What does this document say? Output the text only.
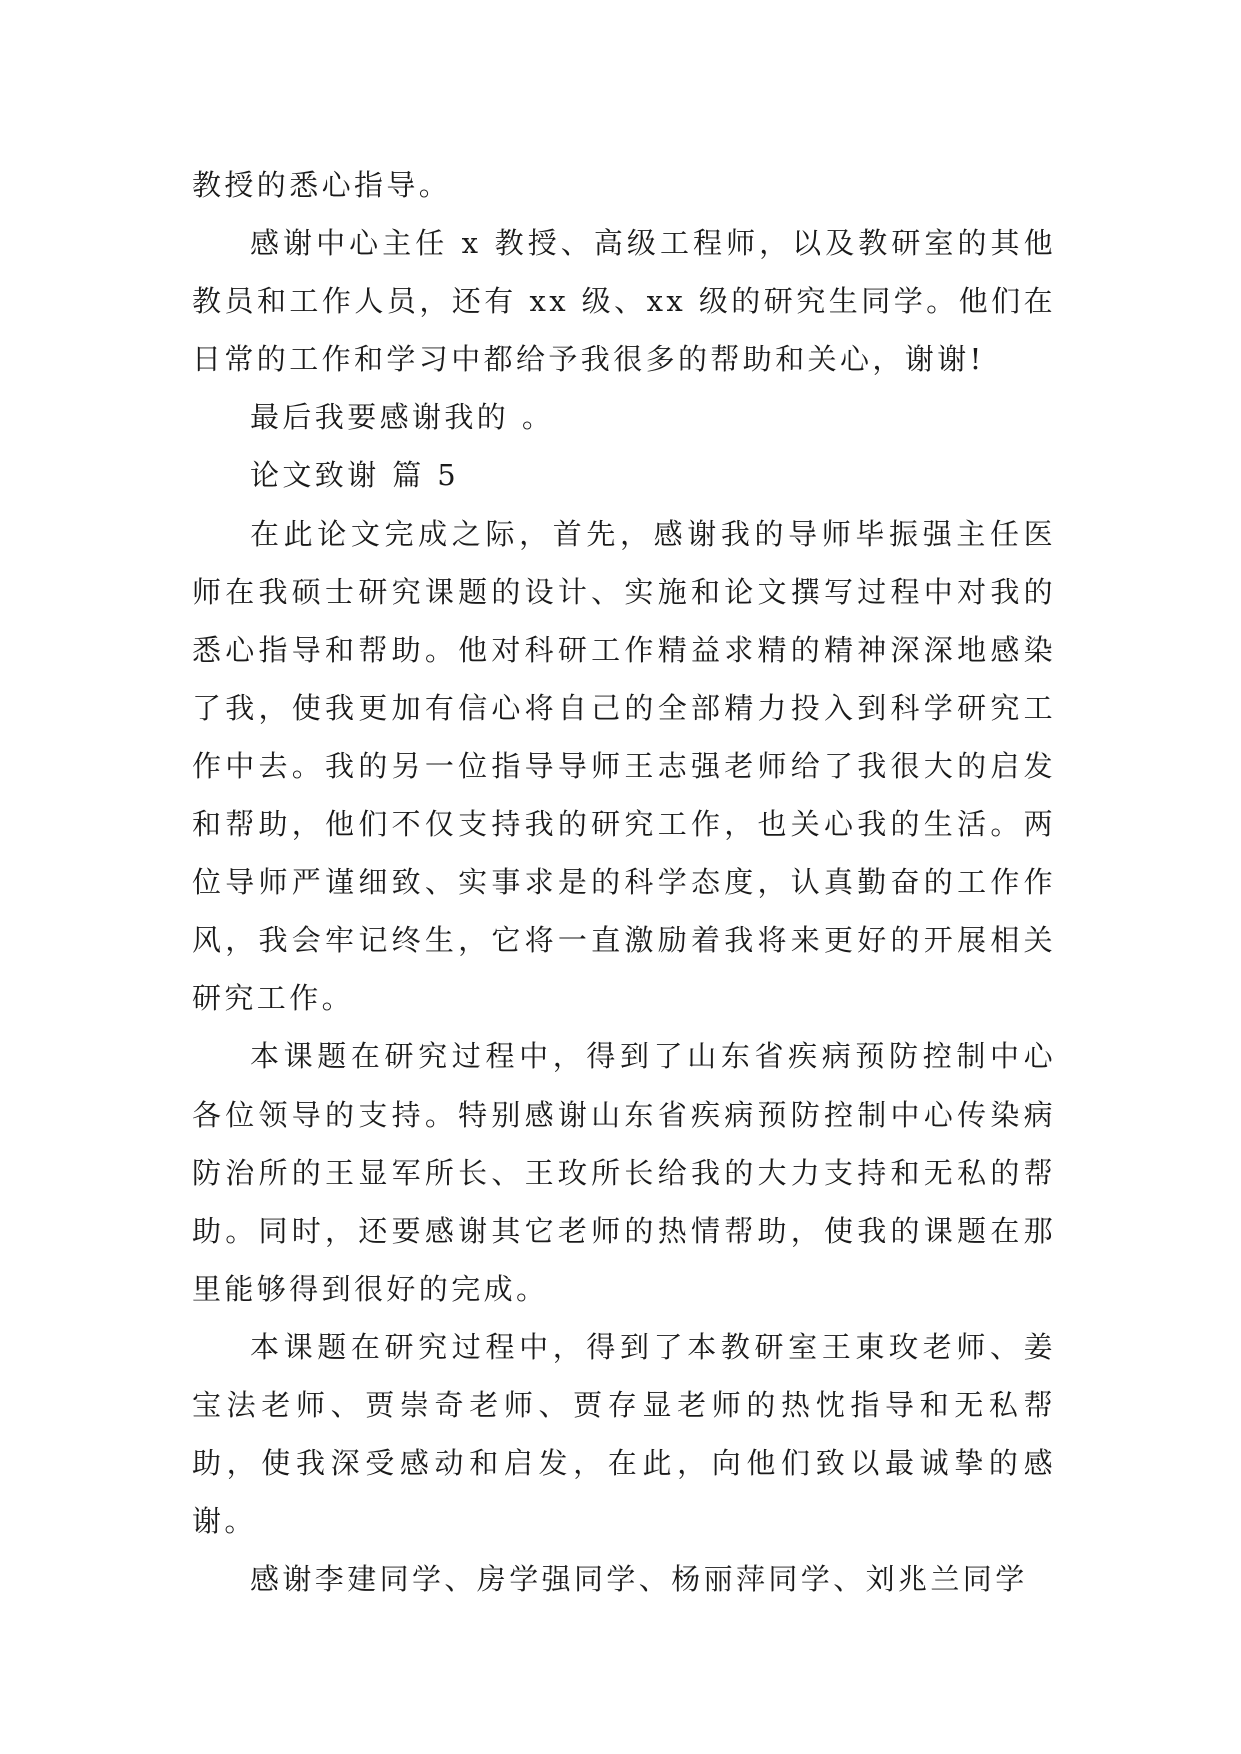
教授的悉心指导。

感谢中心主任 x 教授、高级工程师，以及教研室的其他教员和工作人员，还有 xx 级、xx 级的研究生同学。他们在日常的工作和学习中都给予我很多的帮助和关心，谢谢!

最后我要感谢我的 。

论文致谢 篇 5

在此论文完成之际，首先，感谢我的导师毕振强主任医师在我硕士研究课题的设计、实施和论文撰写过程中对我的悉心指导和帮助。他对科研工作精益求精的精神深深地感染了我，使我更加有信心将自己的全部精力投入到科学研究工作中去。我的另一位指导导师王志强老师给了我很大的启发和帮助，他们不仅支持我的研究工作，也关心我的生活。两位导师严谨细致、实事求是的科学态度，认真勤奋的工作作风，我会牢记终生，它将一直激励着我将来更好的开展相关研究工作。

本课题在研究过程中，得到了山东省疾病预防控制中心各位领导的支持。特别感谢山东省疾病预防控制中心传染病防治所的王显军所长、王玫所长给我的大力支持和无私的帮助。同时，还要感谢其它老师的热情帮助，使我的课题在那里能够得到很好的完成。

本课题在研究过程中，得到了本教研室王東玫老师、姜宝法老师、贾崇奇老师、贾存显老师的热忱指导和无私帮助，使我深受感动和启发，在此，向他们致以最诚挚的感谢。

感谢李建同学、房学强同学、杨丽萍同学、刘兆兰同学
